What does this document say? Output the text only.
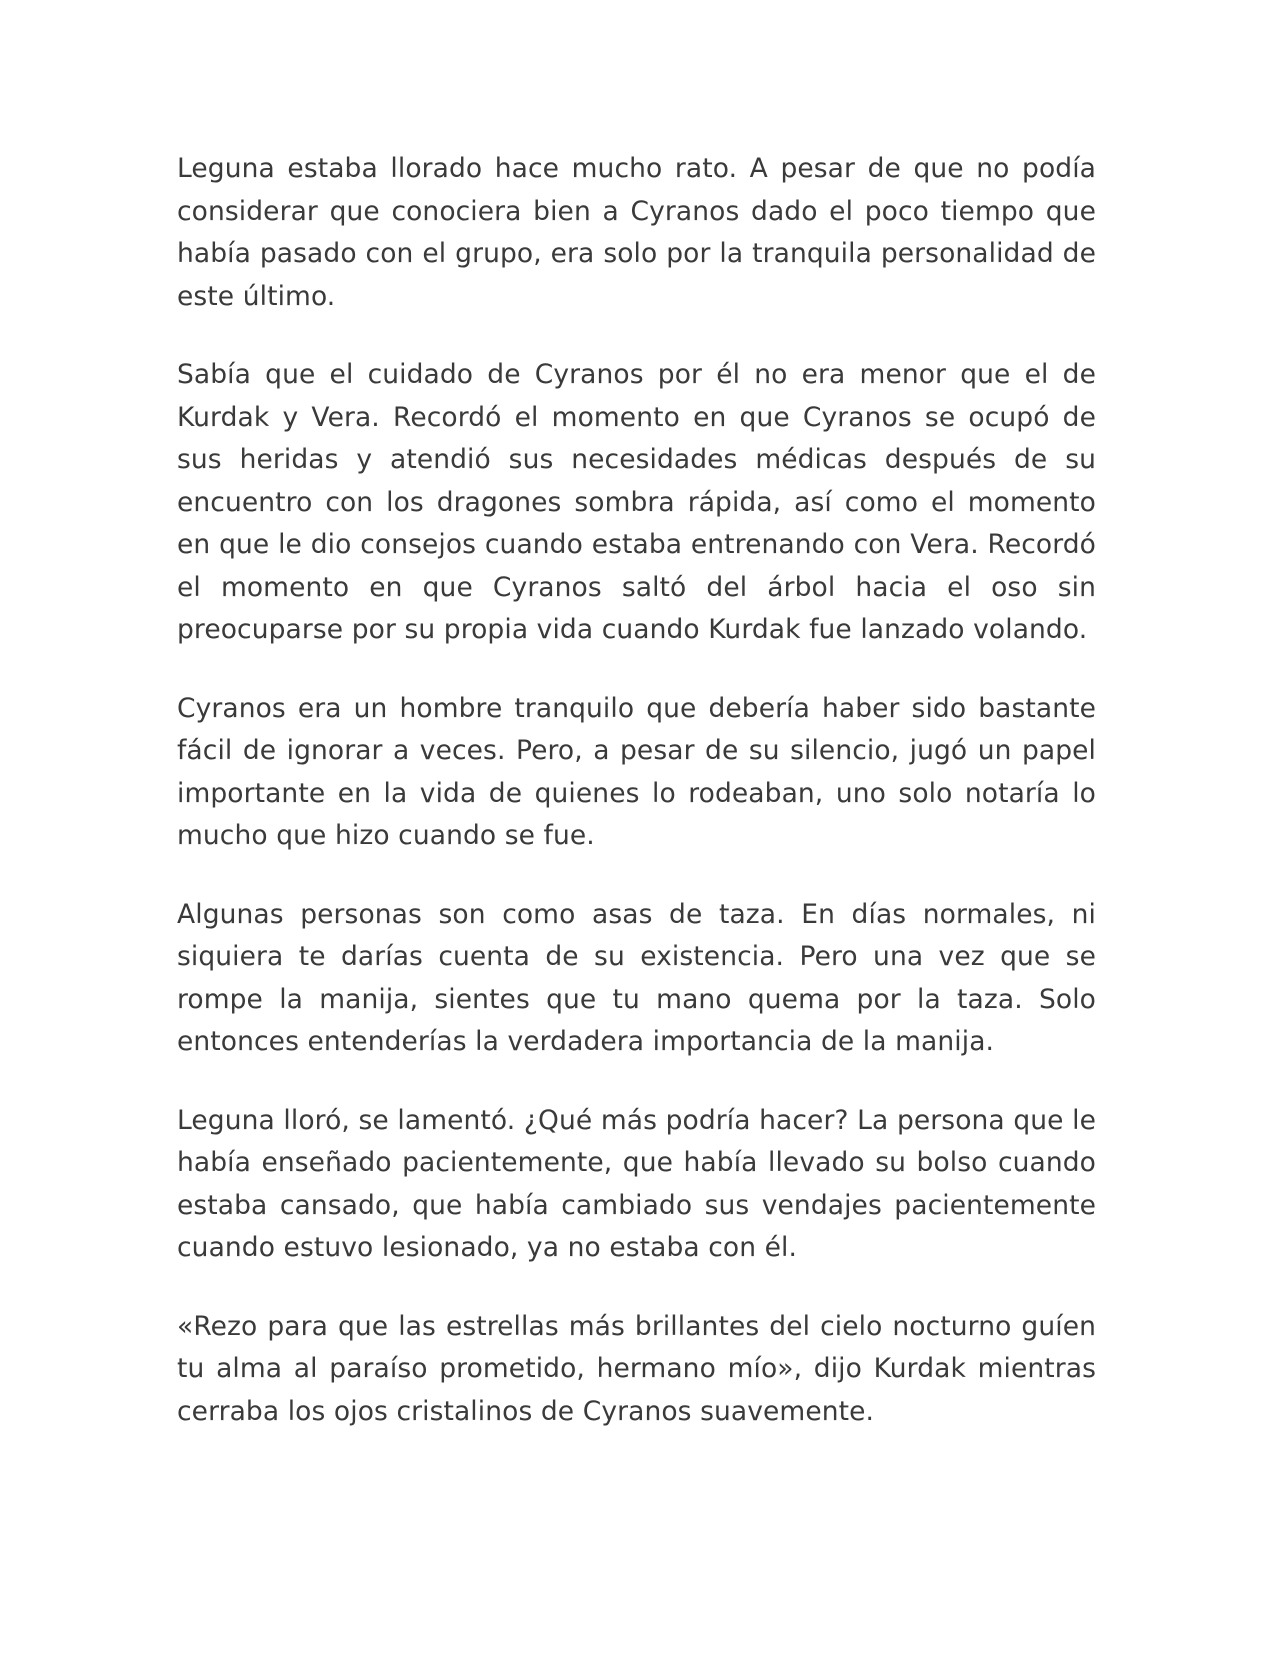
Leguna estaba llorado hace mucho rato. A pesar de que no podía considerar que conociera bien a Cyranos dado el poco tiempo que había pasado con el grupo, era solo por la tranquila personalidad de este último.

Sabía que el cuidado de Cyranos por él no era menor que el de Kurdak y Vera. Recordó el momento en que Cyranos se ocupó de sus heridas y atendió sus necesidades médicas después de su encuentro con los dragones sombra rápida, así como el momento en que le dio consejos cuando estaba entrenando con Vera. Recordó el momento en que Cyranos saltó del árbol hacia el oso sin preocuparse por su propia vida cuando Kurdak fue lanzado volando.

Cyranos era un hombre tranquilo que debería haber sido bastante fácil de ignorar a veces. Pero, a pesar de su silencio, jugó un papel importante en la vida de quienes lo rodeaban, uno solo notaría lo mucho que hizo cuando se fue.

Algunas personas son como asas de taza. En días normales, ni siquiera te darías cuenta de su existencia. Pero una vez que se rompe la manija, sientes que tu mano quema por la taza. Solo entonces entenderías la verdadera importancia de la manija.

Leguna lloró, se lamentó. ¿Qué más podría hacer? La persona que le había enseñado pacientemente, que había llevado su bolso cuando estaba cansado, que había cambiado sus vendajes pacientemente cuando estuvo lesionado, ya no estaba con él.

«Rezo para que las estrellas más brillantes del cielo nocturno guíen tu alma al paraíso prometido, hermano mío», dijo Kurdak mientras cerraba los ojos cristalinos de Cyranos suavemente.
